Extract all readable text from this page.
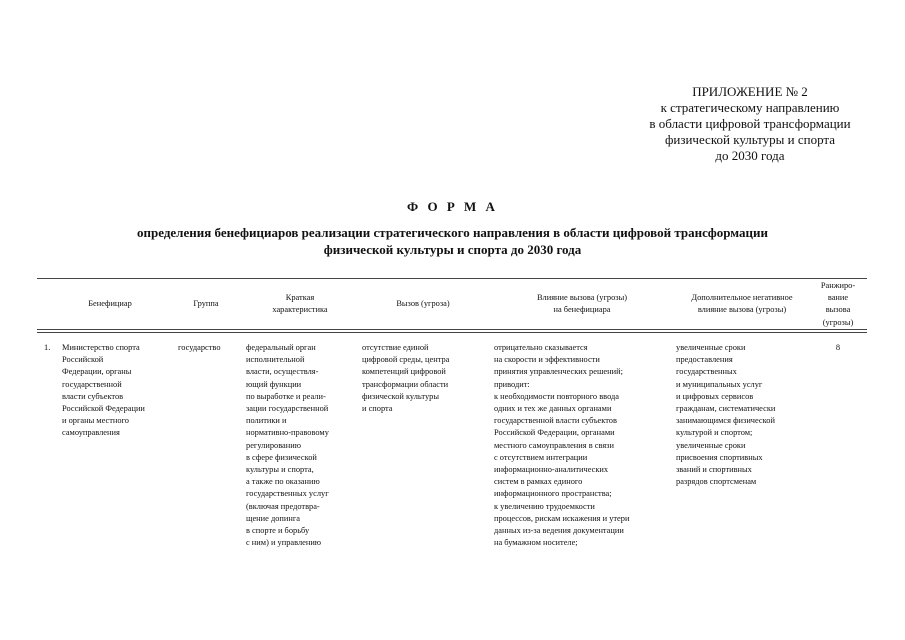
ПРИЛОЖЕНИЕ № 2
к стратегическому направлению
в области цифровой трансформации
физической культуры и спорта
до 2030 года
Ф О Р М А
определения бенефициаров реализации стратегического направления в области цифровой трансформации
физической культуры и спорта до 2030 года
Бенефициар	Группа
Краткая
характеристика
Вызов (угроза)
Влияние вызова (угрозы)
на бенефициара
Дополнительное негативное
влияние вызова (угрозы)
Ранжиро-
вание
вызова
(угрозы)
1. Министерство спорта
Российской
Федерации, органы
государственной
власти субъектов
Российской Федерации
и органы местного
самоуправления
государство	федеральный орган
исполнительной
власти, осуществля-
ющий функции
по выработке и реали-
зации государственной
политики и
нормативно-правовому
регулированию
в сфере физической
культуры и спорта,
а также по оказанию
государственных услуг
(включая предотвра-
щение допинга
в спорте и борьбу
с ним) и управлению
отсутствие единой
цифровой среды, центра
компетенций цифровой
трансформации области
физической культуры
и спорта
отрицательно сказывается
на скорости и эффективности
принятия управленческих решений;
приводит:
к необходимости повторного ввода
одних и тех же данных органами
государственной власти субъектов
Российской Федерации, органами
местного самоуправления в связи
с отсутствием интеграции
информационно-аналитических
систем в рамках единого
информационного пространства;
к увеличению трудоемкости
процессов, рискам искажения и утери
данных из-за ведения документации
на бумажном носителе;
увеличенные сроки
предоставления
государственных
и муниципальных услуг
и цифровых сервисов
гражданам, систематически
занимающимся физической
культурой и спортом;
увеличенные сроки
присвоения спортивных
званий и спортивных
разрядов спортсменам
8
